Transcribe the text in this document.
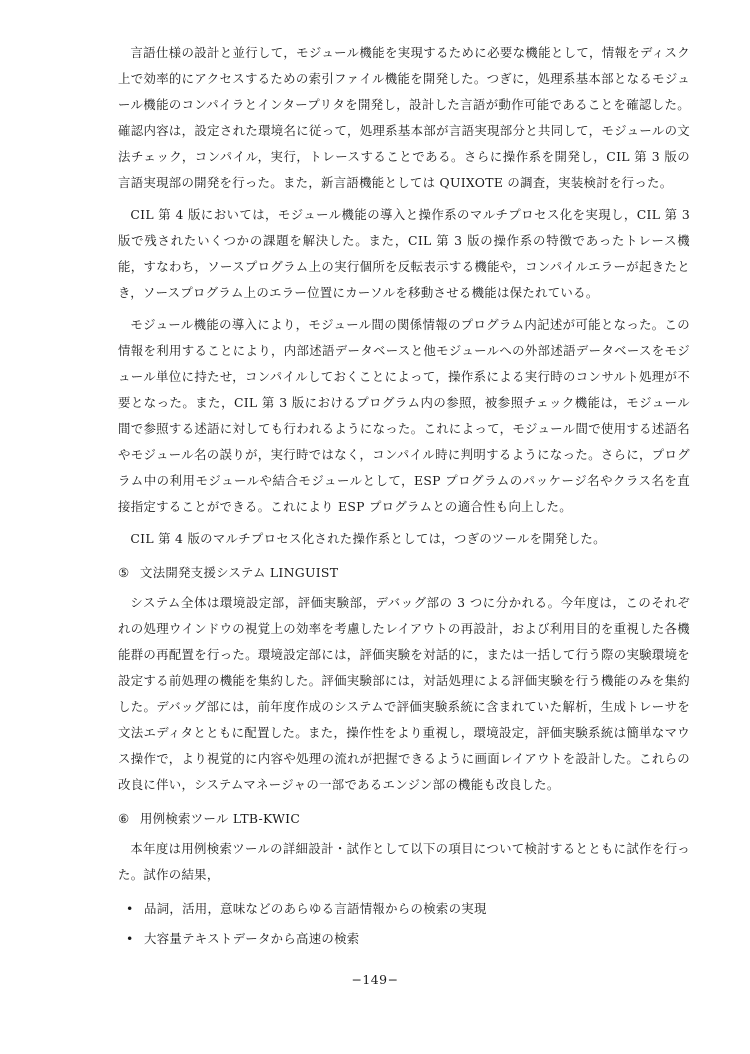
言語仕様の設計と並行して，モジュール機能を実現するために必要な機能として，情報をディスク上で効率的にアクセスするための索引ファイル機能を開発した。つぎに，処理系基本部となるモジュール機能のコンパイラとインタープリタを開発し，設計した言語が動作可能であることを確認した。確認内容は，設定された環境名に従って，処理系基本部が言語実現部分と共同して，モジュールの文法チェック，コンパイル，実行，トレースすることである。さらに操作系を開発し，CIL 第 3 版の言語実現部の開発を行った。また，新言語機能としては QUIXOTE の調査，実装検討を行った。

CIL 第 4 版においては，モジュール機能の導入と操作系のマルチプロセス化を実現し，CIL 第 3 版で残されたいくつかの課題を解決した。また，CIL 第 3 版の操作系の特徴であったトレース機能，すなわち，ソースプログラム上の実行個所を反転表示する機能や，コンパイルエラーが起きたとき，ソースプログラム上のエラー位置にカーソルを移動させる機能は保たれている。

モジュール機能の導入により，モジュール間の関係情報のプログラム内記述が可能となった。この情報を利用することにより，内部述語データベースと他モジュールへの外部述語データベースをモジュール単位に持たせ，コンパイルしておくことによって，操作系による実行時のコンサルト処理が不要となった。また，CIL 第 3 版におけるプログラム内の参照，被参照チェック機能は，モジュール間で参照する述語に対しても行われるようになった。これによって，モジュール間で使用する述語名やモジュール名の誤りが，実行時ではなく，コンパイル時に判明するようになった。さらに，プログラム中の利用モジュールや結合モジュールとして，ESP プログラムのパッケージ名やクラス名を直接指定することができる。これにより ESP プログラムとの適合性も向上した。

CIL 第 4 版のマルチプロセス化された操作系としては，つぎのツールを開発した。

⑤ 文法開発支援システム LINGUIST

システム全体は環境設定部，評価実験部，デバッグ部の 3 つに分かれる。今年度は，このそれぞれの処理ウインドウの視覚上の効率を考慮したレイアウトの再設計，および利用目的を重視した各機能群の再配置を行った。環境設定部には，評価実験を対話的に，または一括して行う際の実験環境を設定する前処理の機能を集約した。評価実験部には，対話処理による評価実験を行う機能のみを集約した。デバッグ部には，前年度作成のシステムで評価実験系統に含まれていた解析，生成トレーサを文法エディタとともに配置した。また，操作性をより重視し，環境設定，評価実験系統は簡単なマウス操作で，より視覚的に内容や処理の流れが把握できるように画面レイアウトを設計した。これらの改良に伴い，システムマネージャの一部であるエンジン部の機能も改良した。

⑥ 用例検索ツール LTB-KWIC

本年度は用例検索ツールの詳細設計・試作として以下の項目について検討するとともに試作を行った。試作の結果，

• 品詞，活用，意味などのあらゆる言語情報からの検索の実現
• 大容量テキストデータから高速の検索
−149−
